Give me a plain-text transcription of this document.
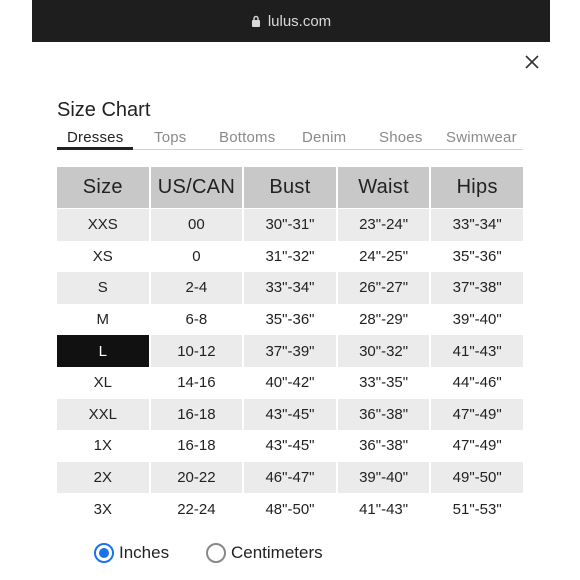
lulus.com
Size Chart
Dresses Tops Bottoms Denim Shoes Swimwear
Size	US/CAN	Bust	Waist	Hips
XXS	00	30"-31"	23"-24"	33"-34"
XS	0	31"-32"	24"-25"	35"-36"
S	2-4	33"-34"	26"-27"	37"-38"
M	6-8	35"-36"	28"-29"	39"-40"
L	10-12	37"-39"	30"-32"	41"-43"
XL	14-16	40"-42"	33"-35"	44"-46"
XXL	16-18	43"-45"	36"-38"	47"-49"
1X	16-18	43"-45"	36"-38"	47"-49"
2X	20-22	46"-47"	39"-40"	49"-50"
3X	22-24	48"-50"	41"-43"	51"-53"
Inches	Centimeters
